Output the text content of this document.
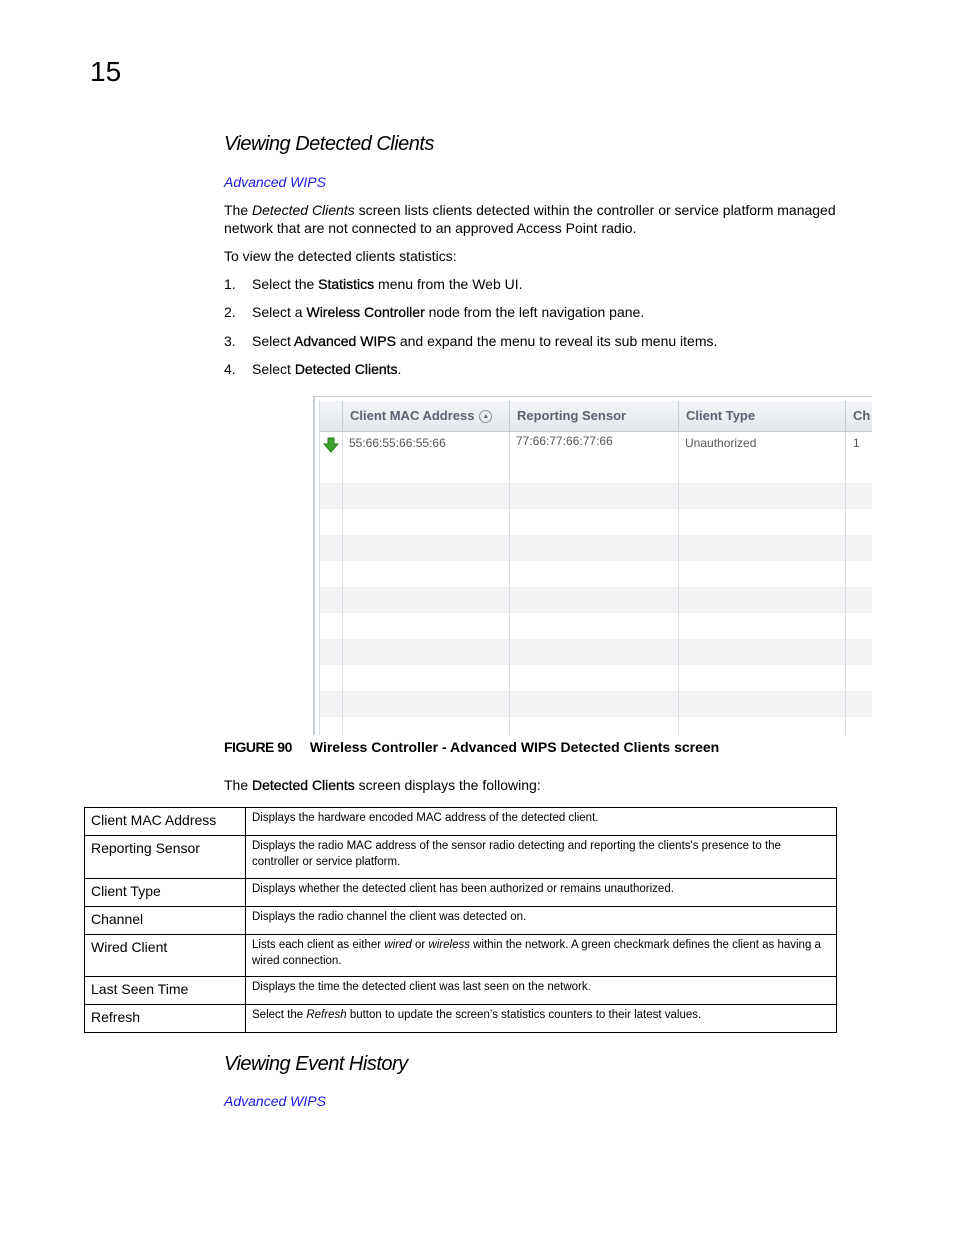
15
Viewing Detected Clients
Advanced WIPS
The Detected Clients screen lists clients detected within the controller or service platform managed network that are not connected to an approved Access Point radio.
To view the detected clients statistics:
1. Select the Statistics menu from the Web UI.
2. Select a Wireless Controller node from the left navigation pane.
3. Select Advanced WIPS and expand the menu to reveal its sub menu items.
4. Select Detected Clients.
Client MAC Address ▲	Reporting Sensor	Client Type	Ch
55:66:55:66:55:66	77:66:77:66:77:66	Unauthorized	1
FIGURE 90 Wireless Controller - Advanced WIPS Detected Clients screen
The Detected Clients screen displays the following:
Client MAC Address	Displays the hardware encoded MAC address of the detected client.
Reporting Sensor	Displays the radio MAC address of the sensor radio detecting and reporting the clients's presence to the controller or service platform.
Client Type	Displays whether the detected client has been authorized or remains unauthorized.
Channel	Displays the radio channel the client was detected on.
Wired Client	Lists each client as either wired or wireless within the network. A green checkmark defines the client as having a wired connection.
Last Seen Time	Displays the time the detected client was last seen on the network.
Refresh	Select the Refresh button to update the screen’s statistics counters to their latest values.
Viewing Event History
Advanced WIPS
